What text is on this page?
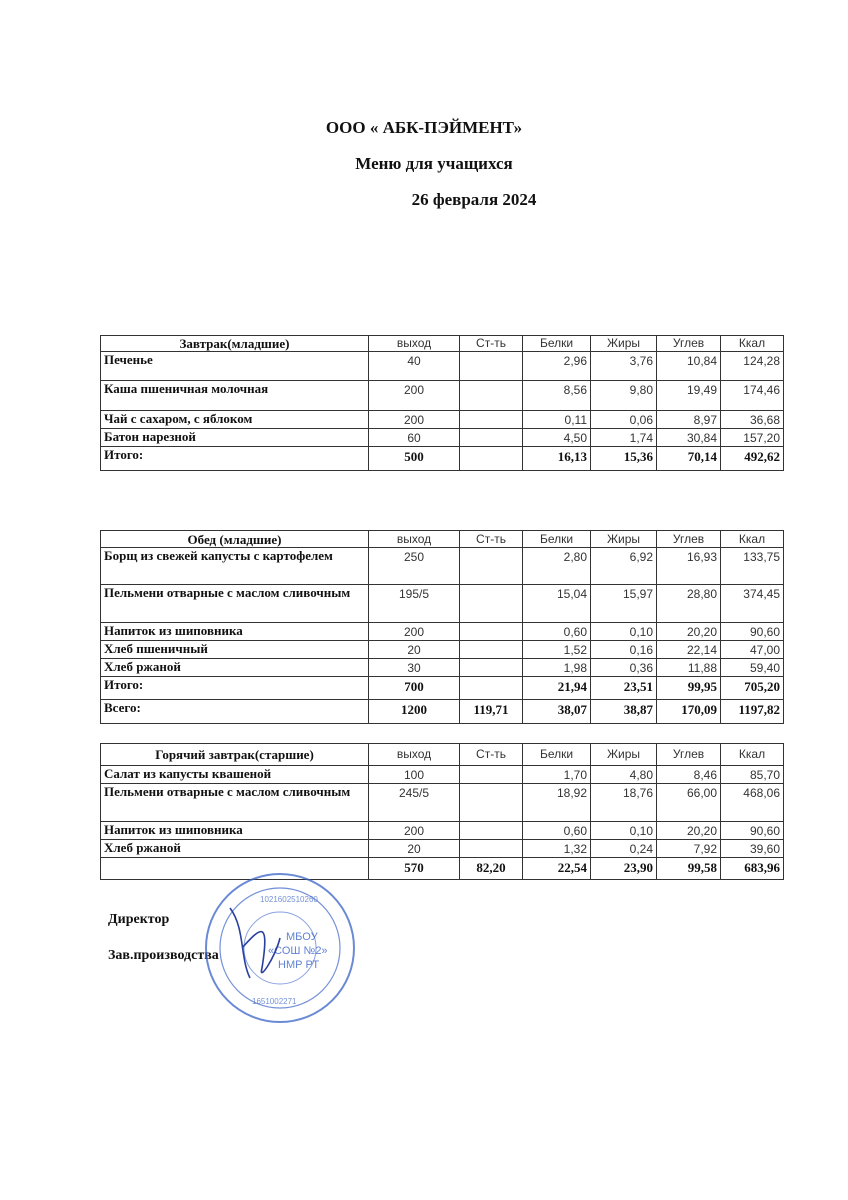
ООО « АБК-ПЭЙМЕНТ»
Меню для учащихся
26 февраля 2024
Завтрак(младшие)	выход	Ст-ть	Белки	Жиры	Углев	Ккал
Печенье	40		2,96	3,76	10,84	124,28
Каша пшеничная молочная	200		8,56	9,80	19,49	174,46
Чай с сахаром, с яблоком	200		0,11	0,06	8,97	36,68
Батон нарезной	60		4,50	1,74	30,84	157,20
Итого:	500		16,13	15,36	70,14	492,62
Обед (младшие)	выход	Ст-ть	Белки	Жиры	Углев	Ккал
Борщ из свежей капусты с картофелем	250		2,80	6,92	16,93	133,75
Пельмени отварные с маслом сливочным	195/5		15,04	15,97	28,80	374,45
Напиток из шиповника	200		0,60	0,10	20,20	90,60
Хлеб пшеничный	20		1,52	0,16	22,14	47,00
Хлеб ржаной	30		1,98	0,36	11,88	59,40
Итого:	700		21,94	23,51	99,95	705,20
Всего:	1200	119,71	38,07	38,87	170,09	1197,82
Горячий завтрак(старшие)	выход	Ст-ть	Белки	Жиры	Углев	Ккал
Салат из капусты квашеной	100		1,70	4,80	8,46	85,70
Пельмени отварные с маслом сливочным	245/5		18,92	18,76	66,00	468,06
Напиток из шиповника	200		0,60	0,10	20,20	90,60
Хлеб ржаной	20		1,32	0,24	7,92	39,60
	570	82,20	22,54	23,90	99,58	683,96
Директор
Зав.производства
МБОУ
«СОШ №2»
НМР РТ
1021602510260
1651002271
